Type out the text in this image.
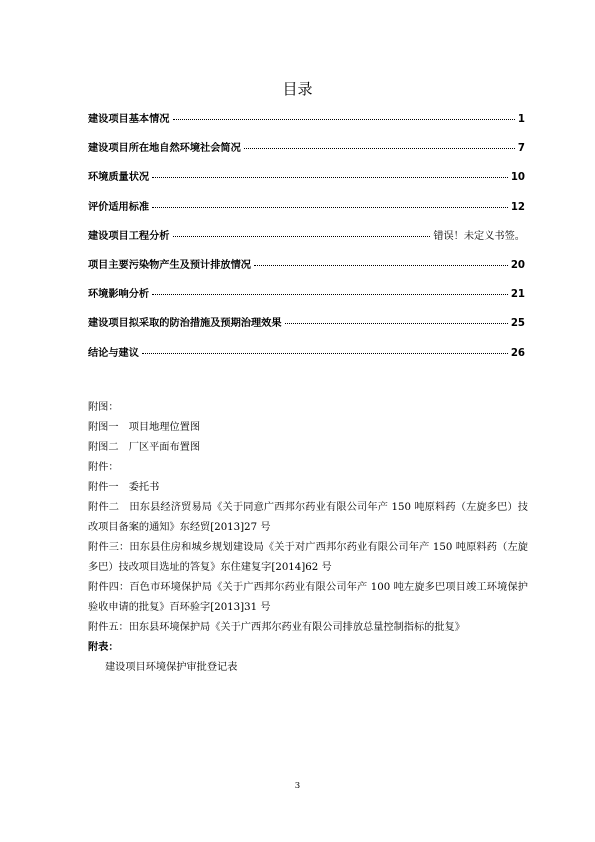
目录
建设项目基本情况	1
建设项目所在地自然环境社会简况	7
环境质量状况	10
评价适用标准	12
建设项目工程分析	错误！未定义书签。
项目主要污染物产生及预计排放情况	20
环境影响分析	21
建设项目拟采取的防治措施及预期治理效果	25
结论与建议	26
附图：
附图一　项目地理位置图
附图二　厂区平面布置图
附件：
附件一　委托书
附件二　田东县经济贸易局《关于同意广西邦尔药业有限公司年产 150 吨原料药（左旋多巴）技改项目备案的通知》东经贸[2013]27 号
附件三：田东县住房和城乡规划建设局《关于对广西邦尔药业有限公司年产 150 吨原料药（左旋多巴）技改项目选址的答复》东住建复字[2014]62 号
附件四：百色市环境保护局《关于广西邦尔药业有限公司年产 100 吨左旋多巴项目竣工环境保护验收申请的批复》百环验字[2013]31 号
附件五：田东县环境保护局《关于广西邦尔药业有限公司排放总量控制指标的批复》
附表：
建设项目环境保护审批登记表
3
